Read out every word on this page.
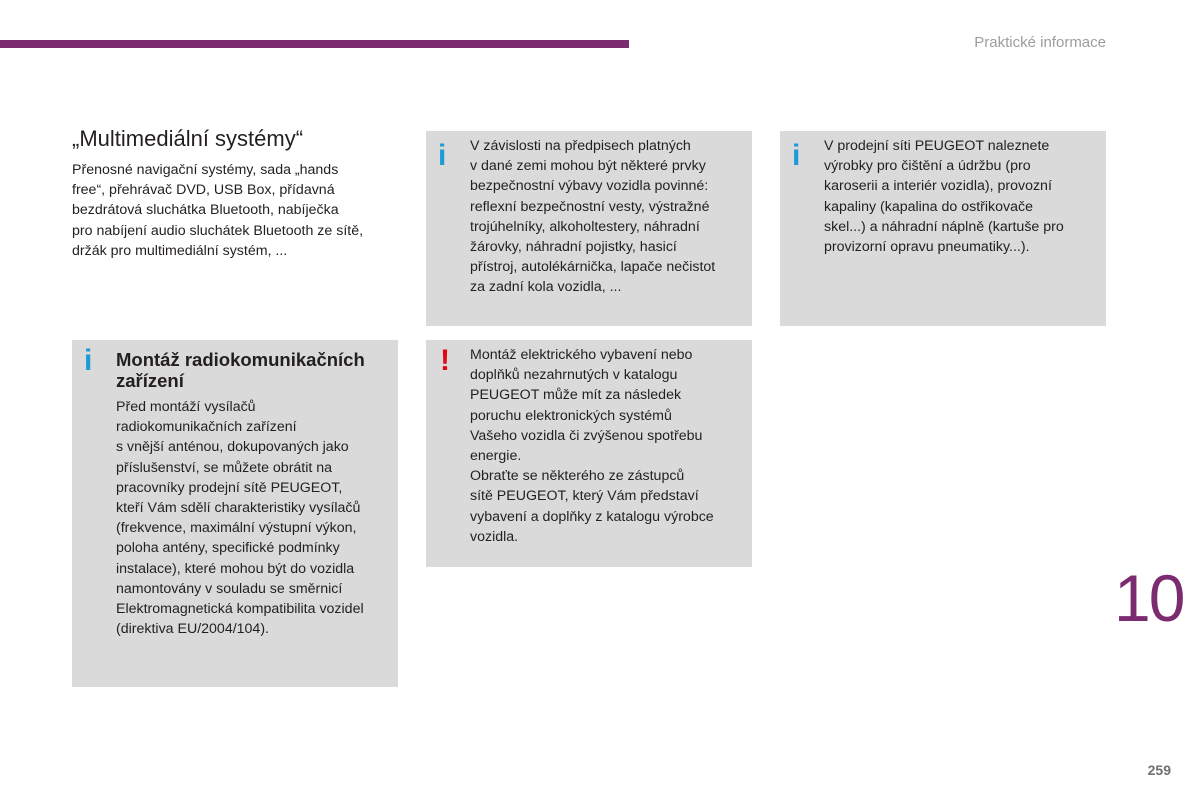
Praktické informace
„Multimediální systémy“

Přenosné navigační systémy, sada „hands
free“, přehrávač DVD, USB Box, přídavná
bezdrátová sluchátka Bluetooth, nabíječka
pro nabíjení audio sluchátek Bluetooth ze sítě,
držák pro multimediální systém, ...

i V závislosti na předpisech platných
v dané zemi mohou být některé prvky
bezpečnostní výbavy vozidla povinné:
reflexní bezpečnostní vesty, výstražné
trojúhelníky, alkoholtestery, náhradní
žárovky, náhradní pojistky, hasicí
přístroj, autolékárnička, lapače nečistot
za zadní kola vozidla, ...

i V prodejní síti PEUGEOT naleznete
výrobky pro čištění a údržbu (pro
karoserii a interiér vozidla), provozní
kapaliny (kapalina do ostřikovače
skel...) a náhradní náplně (kartuše pro
provizorní opravu pneumatiky...).

i Montáž radiokomunikačních
zařízení

Před montáží vysílačů
radiokomunikačních zařízení
s vnější anténou, dokupovaných jako
příslušenství, se můžete obrátit na
pracovníky prodejní sítě PEUGEOT,
kteří Vám sdělí charakteristiky vysílačů
(frekvence, maximální výstupní výkon,
poloha antény, specifické podmínky
instalace), které mohou být do vozidla
namontovány v souladu se směrnicí
Elektromagnetická kompatibilita vozidel
(direktiva EU/2004/104).

! Montáž elektrického vybavení nebo
doplňků nezahrnutých v katalogu
PEUGEOT může mít za následek
poruchu elektronických systémů
Vašeho vozidla či zvýšenou spotřebu
energie.
Obraťte se některého ze zástupců
sítě PEUGEOT, který Vám představí
vybavení a doplňky z katalogu výrobce
vozidla.

10
259
